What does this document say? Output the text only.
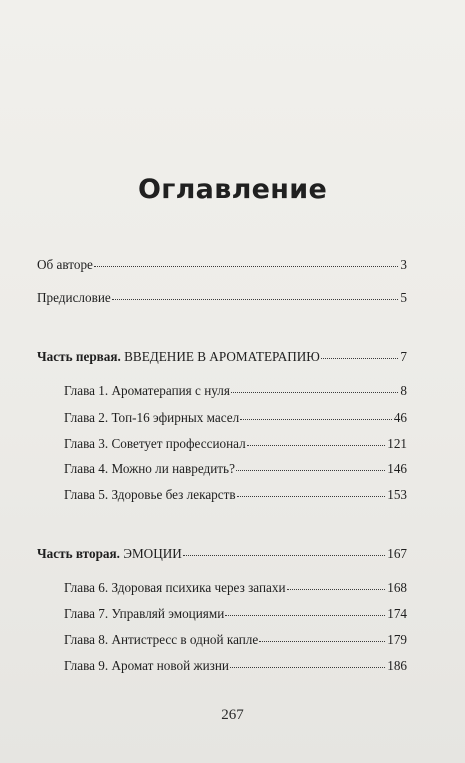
Оглавление
Об авторе	3
Предисловие	5
Часть первая. ВВЕДЕНИЕ В АРОМАТЕРАПИЮ	7
Глава 1. Ароматерапия с нуля	8
Глава 2. Топ-16 эфирных масел	46
Глава 3. Советует профессионал	121
Глава 4. Можно ли навредить?	146
Глава 5. Здоровье без лекарств	153
Часть вторая. ЭМОЦИИ	167
Глава 6. Здоровая психика через запахи	168
Глава 7. Управляй эмоциями	174
Глава 8. Антистресс в одной капле	179
Глава 9. Аромат новой жизни	186
267
